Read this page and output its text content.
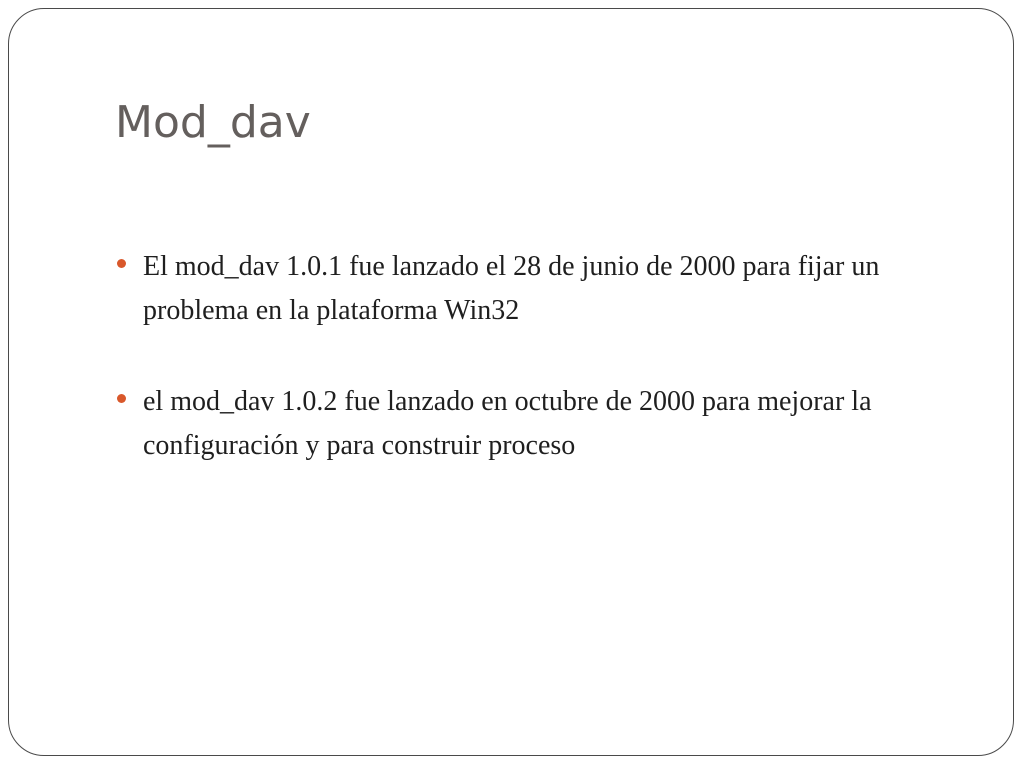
Mod_dav
El mod_dav 1.0.1 fue lanzado el 28 de junio de 2000 para fijar un problema en la plataforma Win32
el mod_dav 1.0.2 fue lanzado en octubre de 2000 para mejorar la configuración y para construir proceso
